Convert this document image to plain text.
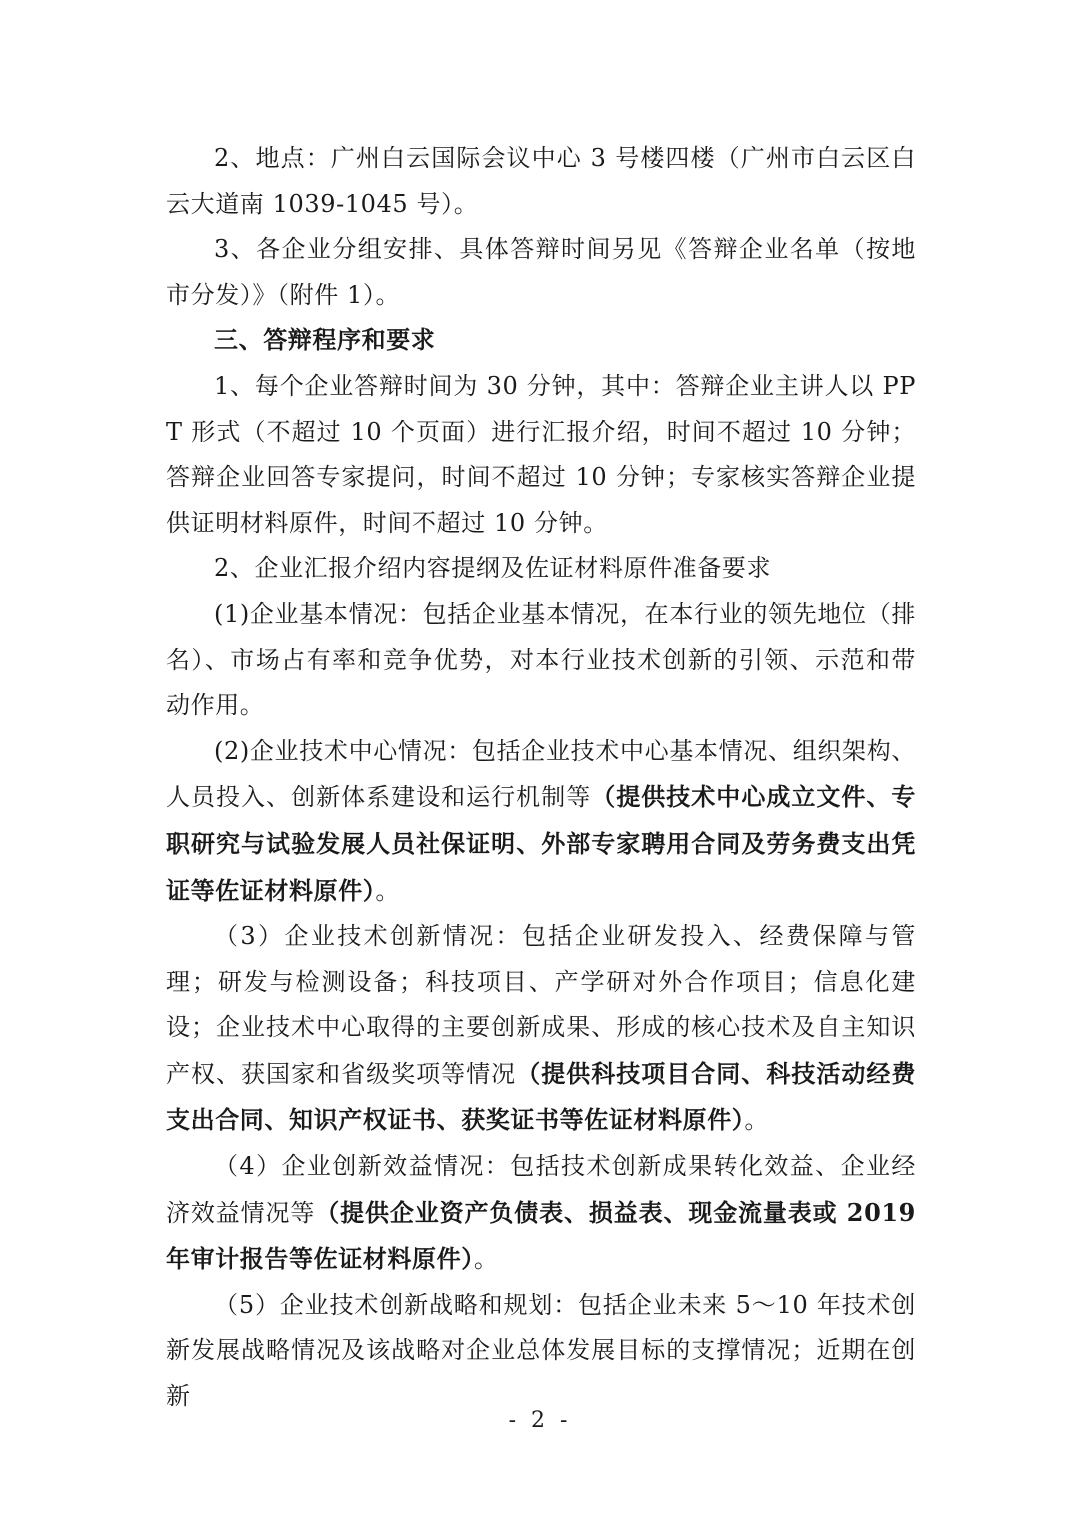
2、地点：广州白云国际会议中心 3 号楼四楼（广州市白云区白云大道南 1039-1045 号）。

3、各企业分组安排、具体答辩时间另见《答辩企业名单（按地市分发）》（附件 1）。

三、答辩程序和要求

1、每个企业答辩时间为 30 分钟，其中：答辩企业主讲人以 PPT 形式（不超过 10 个页面）进行汇报介绍，时间不超过 10 分钟；答辩企业回答专家提问，时间不超过 10 分钟；专家核实答辩企业提供证明材料原件，时间不超过 10 分钟。

2、企业汇报介绍内容提纲及佐证材料原件准备要求

(1)企业基本情况：包括企业基本情况，在本行业的领先地位（排名）、市场占有率和竞争优势，对本行业技术创新的引领、示范和带动作用。

(2)企业技术中心情况：包括企业技术中心基本情况、组织架构、人员投入、创新体系建设和运行机制等（提供技术中心成立文件、专职研究与试验发展人员社保证明、外部专家聘用合同及劳务费支出凭证等佐证材料原件）。

（3）企业技术创新情况：包括企业研发投入、经费保障与管理；研发与检测设备；科技项目、产学研对外合作项目；信息化建设；企业技术中心取得的主要创新成果、形成的核心技术及自主知识产权、获国家和省级奖项等情况（提供科技项目合同、科技活动经费支出合同、知识产权证书、获奖证书等佐证材料原件）。

（4）企业创新效益情况：包括技术创新成果转化效益、企业经济效益情况等（提供企业资产负债表、损益表、现金流量表或 2019 年审计报告等佐证材料原件）。

（5）企业技术创新战略和规划：包括企业未来 5～10 年技术创新发展战略情况及该战略对企业总体发展目标的支撑情况；近期在创新

- 2 -
